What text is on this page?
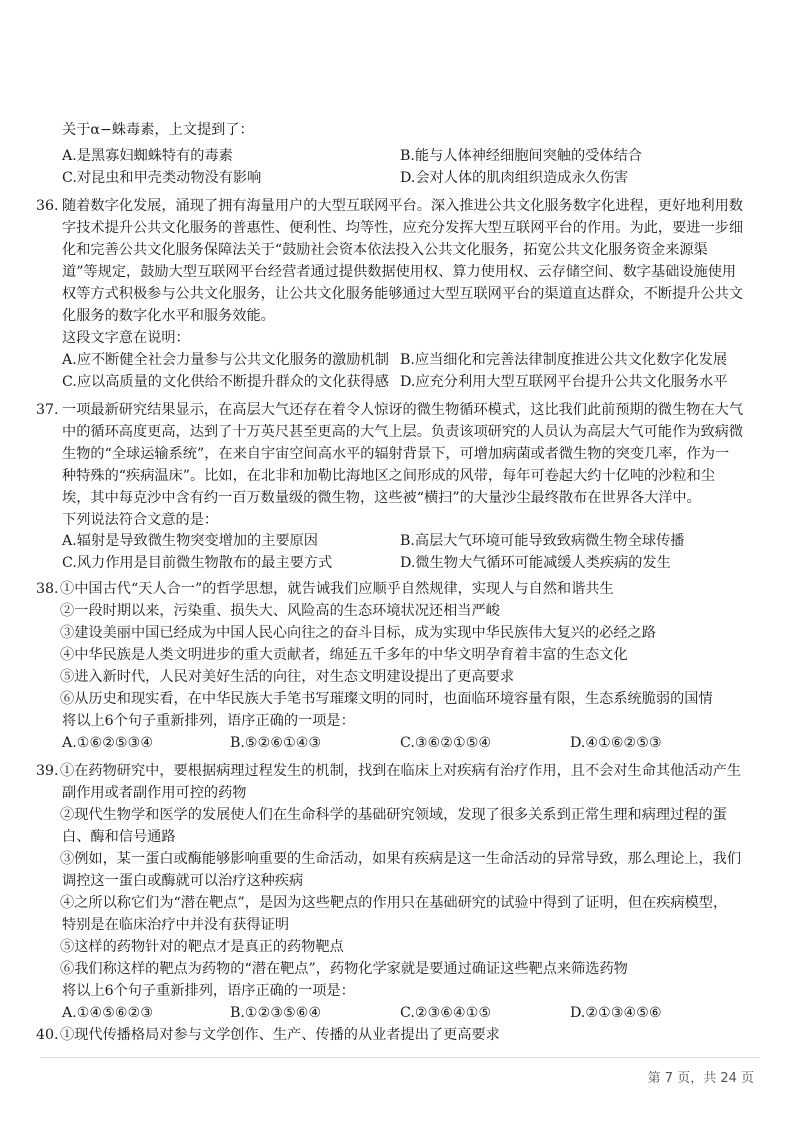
关于α−蛛毒素，上文提到了：
A.是黑寡妇蜘蛛特有的毒素	B.能与人体神经细胞间突触的受体结合
C.对昆虫和甲壳类动物没有影响	D.会对人体的肌肉组织造成永久伤害
36. 随着数字化发展，涌现了拥有海量用户的大型互联网平台。深入推进公共文化服务数字化进程，更好地利用数
字技术提升公共文化服务的普惠性、便利性、均等性，应充分发挥大型互联网平台的作用。为此，要进一步细
化和完善公共文化服务保障法关于“鼓励社会资本依法投入公共文化服务，拓宽公共文化服务资金来源渠
道”等规定，鼓励大型互联网平台经营者通过提供数据使用权、算力使用权、云存储空间、数字基础设施使用
权等方式积极参与公共文化服务，让公共文化服务能够通过大型互联网平台的渠道直达群众，不断提升公共文
化服务的数字化水平和服务效能。
这段文字意在说明：
A.应不断健全社会力量参与公共文化服务的激励机制 B.应当细化和完善法律制度推进公共文化数字化发展
C.应以高质量的文化供给不断提升群众的文化获得感 D.应充分利用大型互联网平台提升公共文化服务水平
37. 一项最新研究结果显示，在高层大气还存在着令人惊讶的微生物循环模式，这比我们此前预期的微生物在大气
中的循环高度更高，达到了十万英尺甚至更高的大气上层。负责该项研究的人员认为高层大气可能作为致病微
生物的“全球运输系统”，在来自宇宙空间高水平的辐射背景下，可增加病菌或者微生物的突变几率，作为一
种特殊的“疾病温床”。比如，在北非和加勒比海地区之间形成的风带，每年可卷起大约十亿吨的沙粒和尘
埃，其中每克沙中含有约一百万数量级的微生物，这些被“横扫”的大量沙尘最终散布在世界各大洋中。
下列说法符合文意的是：
A.辐射是导致微生物突变增加的主要原因	B.高层大气环境可能导致致病微生物全球传播
C.风力作用是目前微生物散布的最主要方式	D.微生物大气循环可能减缓人类疾病的发生
38. ①中国古代“天人合一”的哲学思想，就告诫我们应顺乎自然规律，实现人与自然和谐共生
②一段时期以来，污染重、损失大、风险高的生态环境状况还相当严峻
③建设美丽中国已经成为中国人民心向往之的奋斗目标，成为实现中华民族伟大复兴的必经之路
④中华民族是人类文明进步的重大贡献者，绵延五千多年的中华文明孕育着丰富的生态文化
⑤进入新时代，人民对美好生活的向往，对生态文明建设提出了更高要求
⑥从历史和现实看，在中华民族大手笔书写璀璨文明的同时，也面临环境容量有限，生态系统脆弱的国情
将以上6个句子重新排列，语序正确的一项是：
A.①⑥②⑤③④	B.⑤②⑥①④③	C.③⑥②①⑤④	D.④①⑥②⑤③
39. ①在药物研究中，要根据病理过程发生的机制，找到在临床上对疾病有治疗作用，且不会对生命其他活动产生
副作用或者副作用可控的药物
②现代生物学和医学的发展使人们在生命科学的基础研究领域，发现了很多关系到正常生理和病理过程的蛋
白、酶和信号通路
③例如，某一蛋白或酶能够影响重要的生命活动，如果有疾病是这一生命活动的异常导致，那么理论上，我们
调控这一蛋白或酶就可以治疗这种疾病
④之所以称它们为“潜在靶点”，是因为这些靶点的作用只在基础研究的试验中得到了证明，但在疾病模型，
特别是在临床治疗中并没有获得证明
⑤这样的药物针对的靶点才是真正的药物靶点
⑥我们称这样的靶点为药物的“潜在靶点”，药物化学家就是要通过确证这些靶点来筛选药物
将以上6个句子重新排列，语序正确的一项是：
A.①④⑤⑥②③	B.①②③⑤⑥④	C.②③⑥④①⑤	D.②①③④⑤⑥
40. ①现代传播格局对参与文学创作、生产、传播的从业者提出了更高要求
第 7 页，共 24 页
